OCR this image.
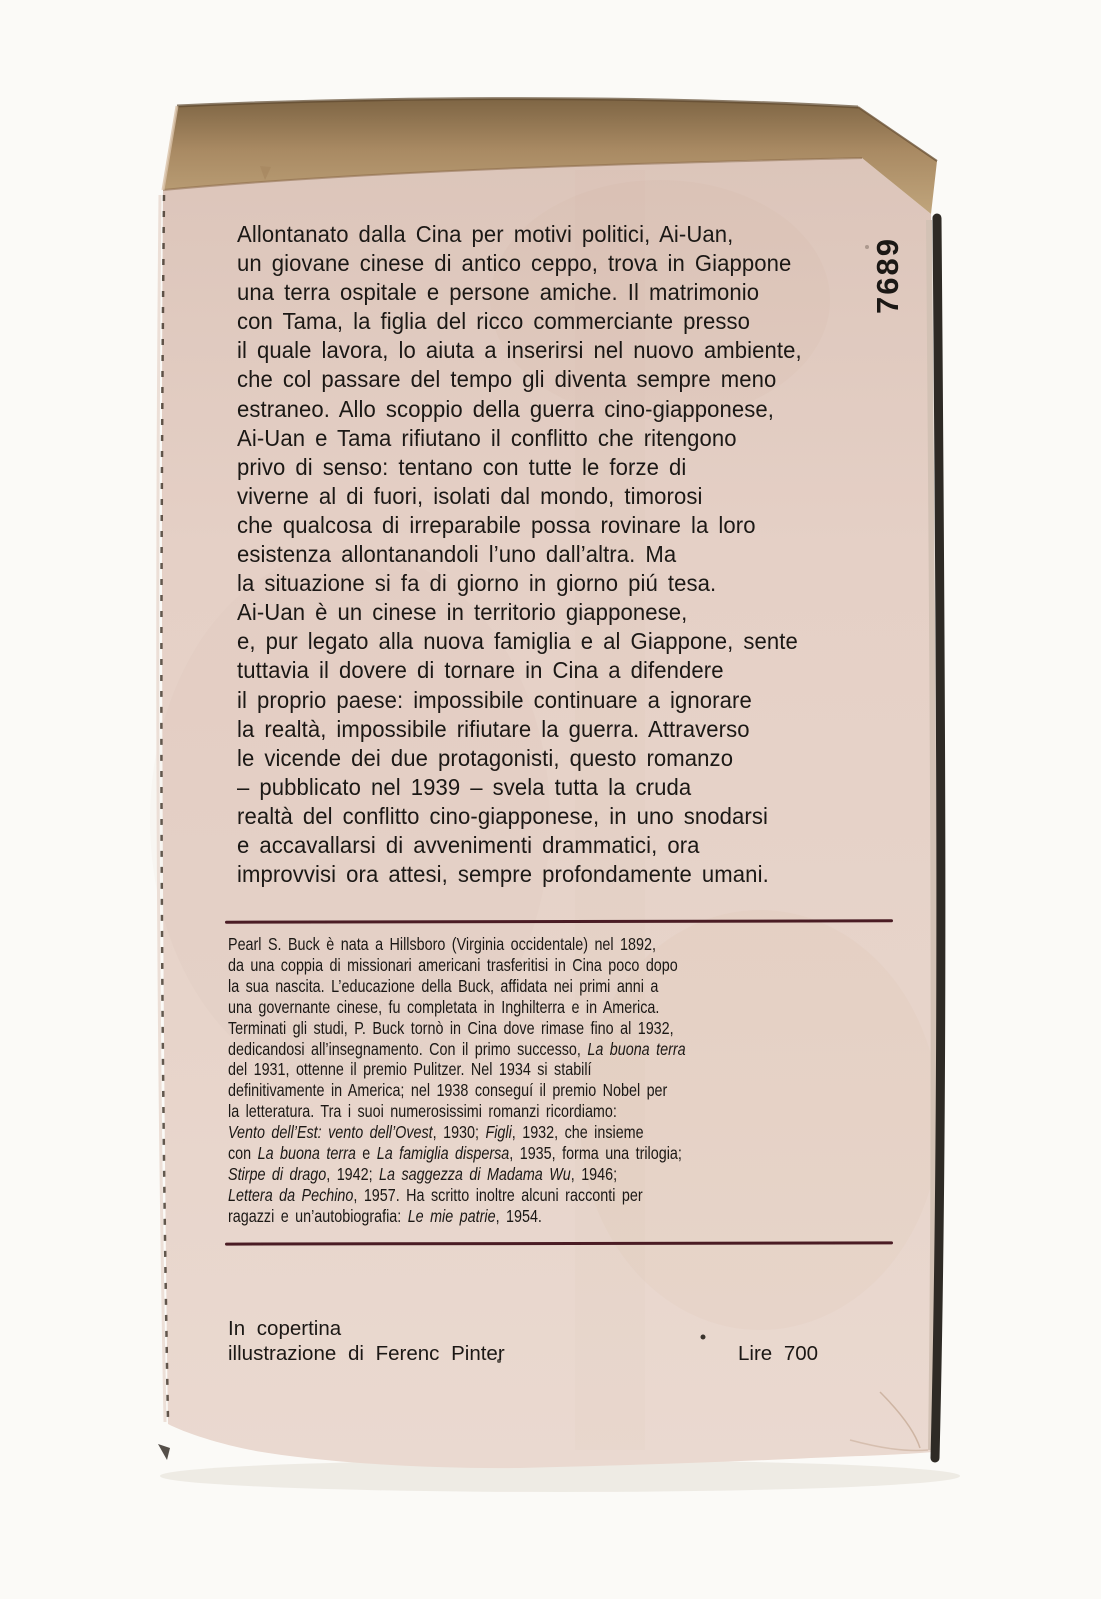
7689
Allontanato dalla Cina per motivi politici, Ai-Uan,
un giovane cinese di antico ceppo, trova in Giappone
una terra ospitale e persone amiche. Il matrimonio
con Tama, la figlia del ricco commerciante presso
il quale lavora, lo aiuta a inserirsi nel nuovo ambiente,
che col passare del tempo gli diventa sempre meno
estraneo. Allo scoppio della guerra cino-giapponese,
Ai-Uan e Tama rifiutano il conflitto che ritengono
privo di senso: tentano con tutte le forze di
viverne al di fuori, isolati dal mondo, timorosi
che qualcosa di irreparabile possa rovinare la loro
esistenza allontanandoli l’uno dall’altra. Ma
la situazione si fa di giorno in giorno piú tesa.
Ai-Uan è un cinese in territorio giapponese,
e, pur legato alla nuova famiglia e al Giappone, sente
tuttavia il dovere di tornare in Cina a difendere
il proprio paese: impossibile continuare a ignorare
la realtà, impossibile rifiutare la guerra. Attraverso
le vicende dei due protagonisti, questo romanzo
– pubblicato nel 1939 – svela tutta la cruda
realtà del conflitto cino-giapponese, in uno snodarsi
e accavallarsi di avvenimenti drammatici, ora
improvvisi ora attesi, sempre profondamente umani.
Pearl S. Buck è nata a Hillsboro (Virginia occidentale) nel 1892,
da una coppia di missionari americani trasferitisi in Cina poco dopo
la sua nascita. L’educazione della Buck, affidata nei primi anni a
una governante cinese, fu completata in Inghilterra e in America.
Terminati gli studi, P. Buck tornò in Cina dove rimase fino al 1932,
dedicandosi all’insegnamento. Con il primo successo, La buona terra
del 1931, ottenne il premio Pulitzer. Nel 1934 si stabilí
definitivamente in America; nel 1938 conseguí il premio Nobel per
la letteratura. Tra i suoi numerosissimi romanzi ricordiamo:
Vento dell’Est: vento dell’Ovest, 1930; Figli, 1932, che insieme
con La buona terra e La famiglia dispersa, 1935, forma una trilogia;
Stirpe di drago, 1942; La saggezza di Madama Wu, 1946;
Lettera da Pechino, 1957. Ha scritto inoltre alcuni racconti per
ragazzi e un’autobiografia: Le mie patrie, 1954.
In copertina
illustrazione di Ferenc Pinter	Lire 700
